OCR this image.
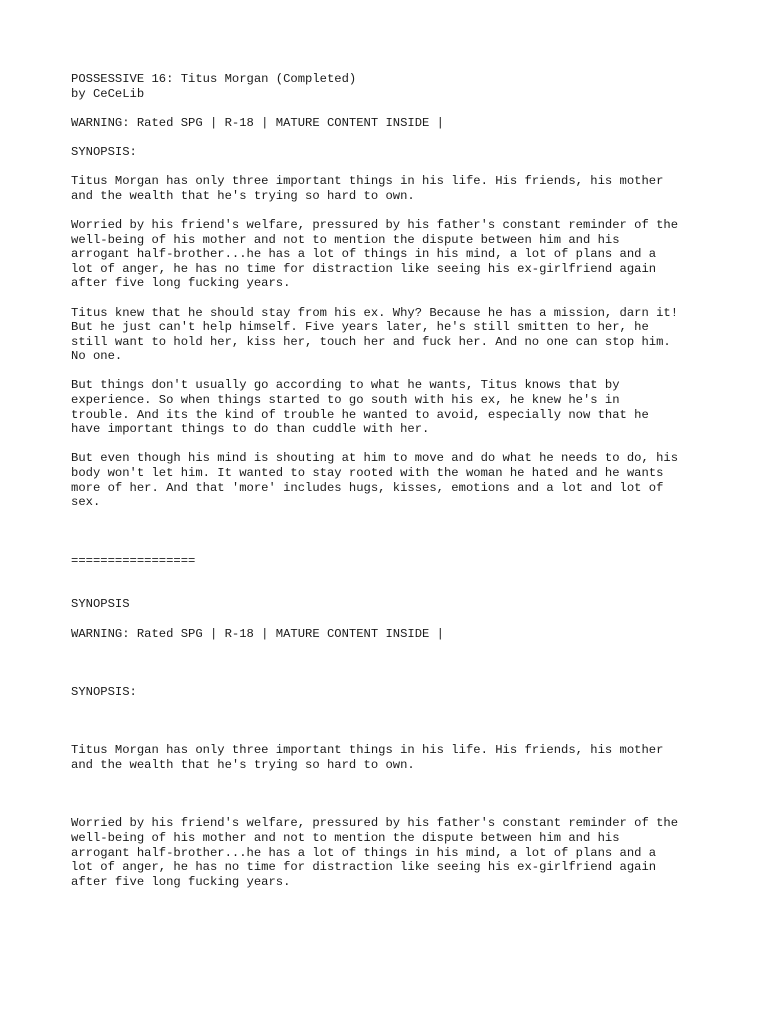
POSSESSIVE 16: Titus Morgan (Completed)
by CeCeLib
WARNING: Rated SPG | R-18 | MATURE CONTENT INSIDE |
SYNOPSIS:
Titus Morgan has only three important things in his life. His friends, his mother
and the wealth that he's trying so hard to own.
Worried by his friend's welfare, pressured by his father's constant reminder of the
well-being of his mother and not to mention the dispute between him and his
arrogant half-brother...he has a lot of things in his mind, a lot of plans and a
lot of anger, he has no time for distraction like seeing his ex-girlfriend again
after five long fucking years.
Titus knew that he should stay from his ex. Why? Because he has a mission, darn it!
But he just can't help himself. Five years later, he's still smitten to her, he
still want to hold her, kiss her, touch her and fuck her. And no one can stop him.
No one.
But things don't usually go according to what he wants, Titus knows that by
experience. So when things started to go south with his ex, he knew he's in
trouble. And its the kind of trouble he wanted to avoid, especially now that he
have important things to do than cuddle with her.
But even though his mind is shouting at him to move and do what he needs to do, his
body won't let him. It wanted to stay rooted with the woman he hated and he wants
more of her. And that 'more' includes hugs, kisses, emotions and a lot and lot of
sex.
=================
SYNOPSIS
WARNING: Rated SPG | R-18 | MATURE CONTENT INSIDE |
SYNOPSIS:
Titus Morgan has only three important things in his life. His friends, his mother
and the wealth that he's trying so hard to own.
Worried by his friend's welfare, pressured by his father's constant reminder of the
well-being of his mother and not to mention the dispute between him and his
arrogant half-brother...he has a lot of things in his mind, a lot of plans and a
lot of anger, he has no time for distraction like seeing his ex-girlfriend again
after five long fucking years.
